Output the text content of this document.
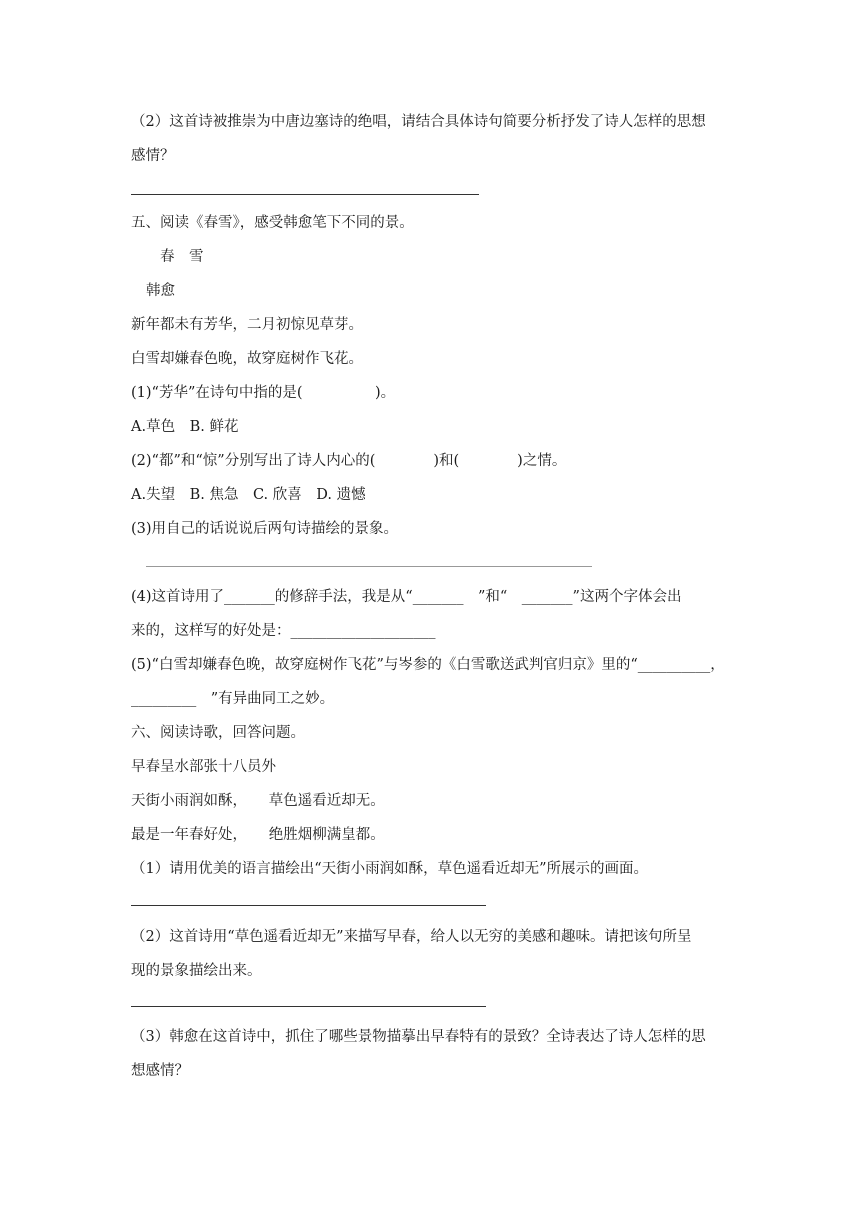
（2）这首诗被推崇为中唐边塞诗的绝唱，请结合具体诗句简要分析抒发了诗人怎样的思想
感情？
五、阅读《春雪》，感受韩愈笔下不同的景。
春　雪
韩愈
新年都未有芳华，二月初惊见草芽。
白雪却嫌春色晚，故穿庭树作飞花。
(1)“芳华”在诗句中指的是(　　　　　)。
A.草色　B. 鲜花
(2)“都”和“惊”分别写出了诗人内心的(　　　　)和(　　　　)之情。
A.失望　B. 焦急　C. 欣喜　D. 遗憾
(3)用自己的话说说后两句诗描绘的景象。
(4)这首诗用了_______的修辞手法，我是从“_______　”和“　_______”这两个字体会出
来的，这样写的好处是：____________________
(5)“白雪却嫌春色晚，故穿庭树作飞花”与岑参的《白雪歌送武判官归京》里的“__________，
_________　”有异曲同工之妙。
六、阅读诗歌，回答问题。
早春呈水部张十八员外
天街小雨润如酥，　　草色遥看近却无。
最是一年春好处，　　绝胜烟柳满皇都。
（1）请用优美的语言描绘出“天街小雨润如酥，草色遥看近却无”所展示的画面。
（2）这首诗用“草色遥看近却无”来描写早春，给人以无穷的美感和趣味。请把该句所呈
现的景象描绘出来。
（3）韩愈在这首诗中，抓住了哪些景物描摹出早春特有的景致？全诗表达了诗人怎样的思
想感情？
